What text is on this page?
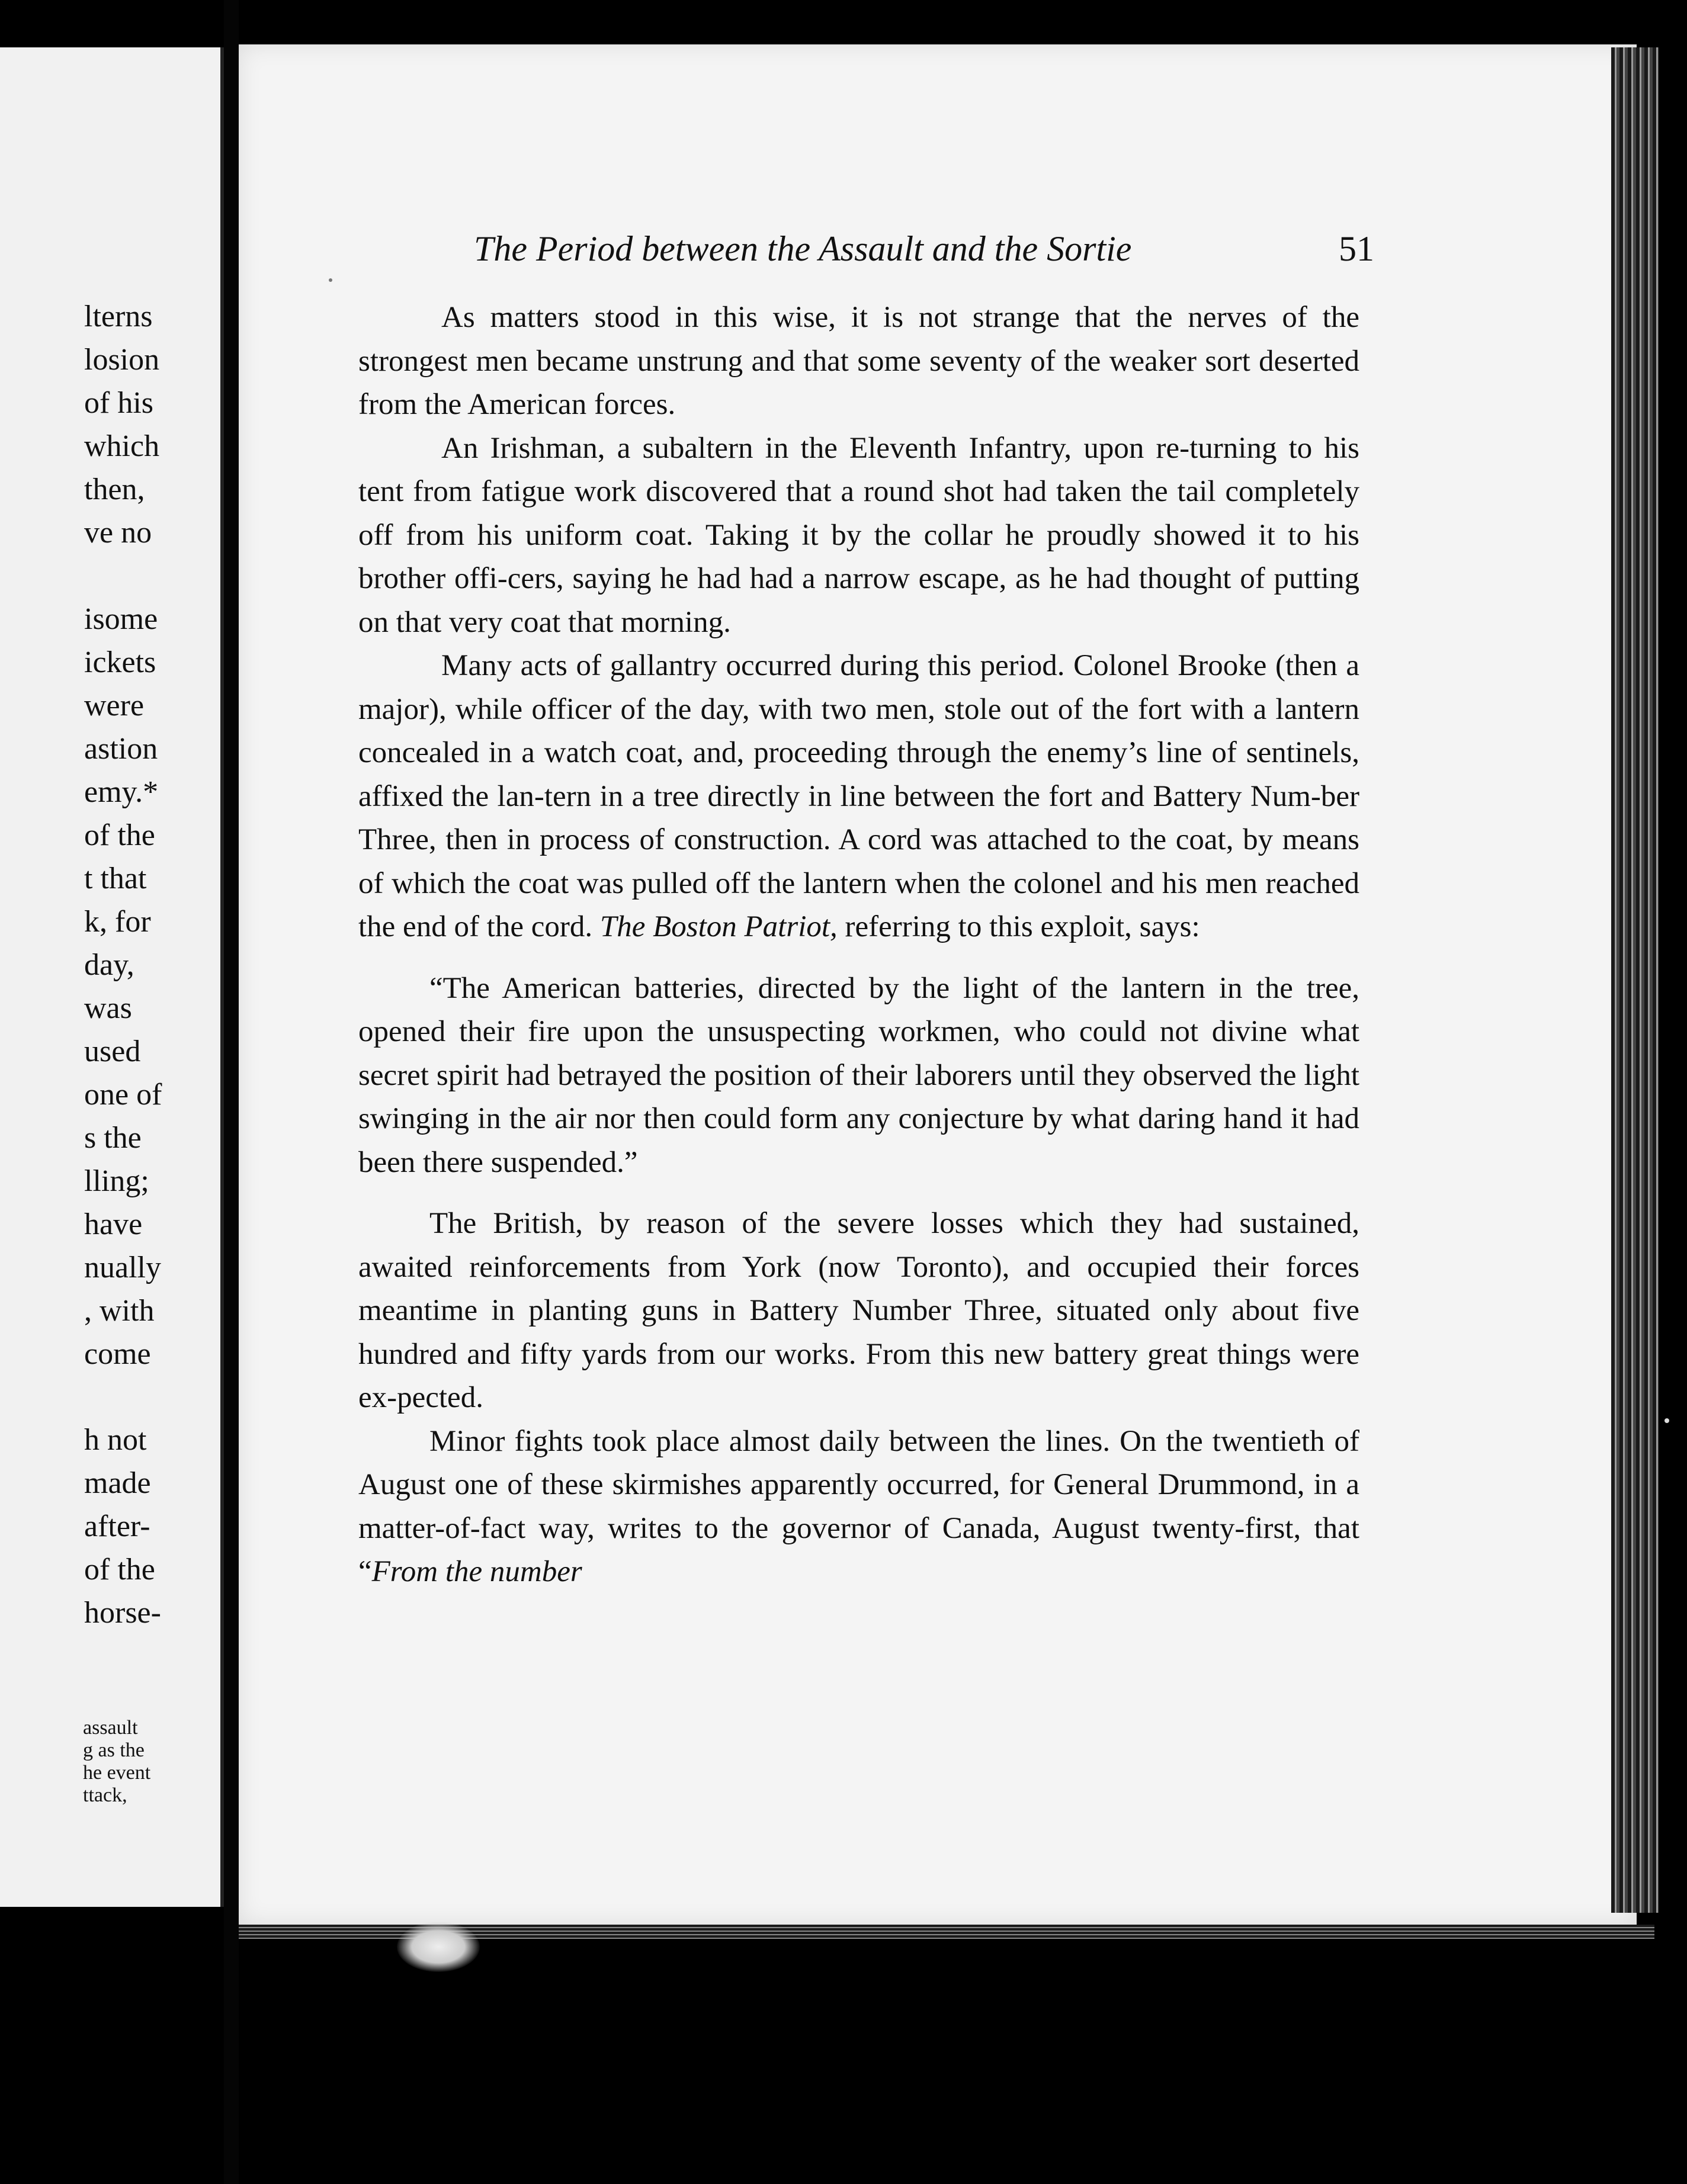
lterns
losion
of his
which
then,
ve no
isome
ickets
were
astion
emy.*
of the
t that
k, for
day,
was
used
one of
s the
lling;
have
nually
, with
come
h not
made
after-
of the
horse-
assault
g as the
he event
ttack,
The Period between the Assault and the Sortie	51

As matters stood in this wise, it is not strange that the nerves of the strongest men became unstrung and that some seventy of the weaker sort deserted from the American forces.

An Irishman, a subaltern in the Eleventh Infantry, upon re-turning to his tent from fatigue work discovered that a round shot had taken the tail completely off from his uniform coat. Taking it by the collar he proudly showed it to his brother offi-cers, saying he had had a narrow escape, as he had thought of putting on that very coat that morning.

Many acts of gallantry occurred during this period. Colonel Brooke (then a major), while officer of the day, with two men, stole out of the fort with a lantern concealed in a watch coat, and, proceeding through the enemy’s line of sentinels, affixed the lan-tern in a tree directly in line between the fort and Battery Num-ber Three, then in process of construction. A cord was attached to the coat, by means of which the coat was pulled off the lantern when the colonel and his men reached the end of the cord. The Boston Patriot, referring to this exploit, says:

“The American batteries, directed by the light of the lantern in the tree, opened their fire upon the unsuspecting workmen, who could not divine what secret spirit had betrayed the position of their laborers until they observed the light swinging in the air nor then could form any conjecture by what daring hand it had been there suspended.”

The British, by reason of the severe losses which they had sustained, awaited reinforcements from York (now Toronto), and occupied their forces meantime in planting guns in Battery Number Three, situated only about five hundred and fifty yards from our works. From this new battery great things were ex-pected.

Minor fights took place almost daily between the lines. On the twentieth of August one of these skirmishes apparently occurred, for General Drummond, in a matter-of-fact way, writes to the governor of Canada, August twenty-first, that “From the number
